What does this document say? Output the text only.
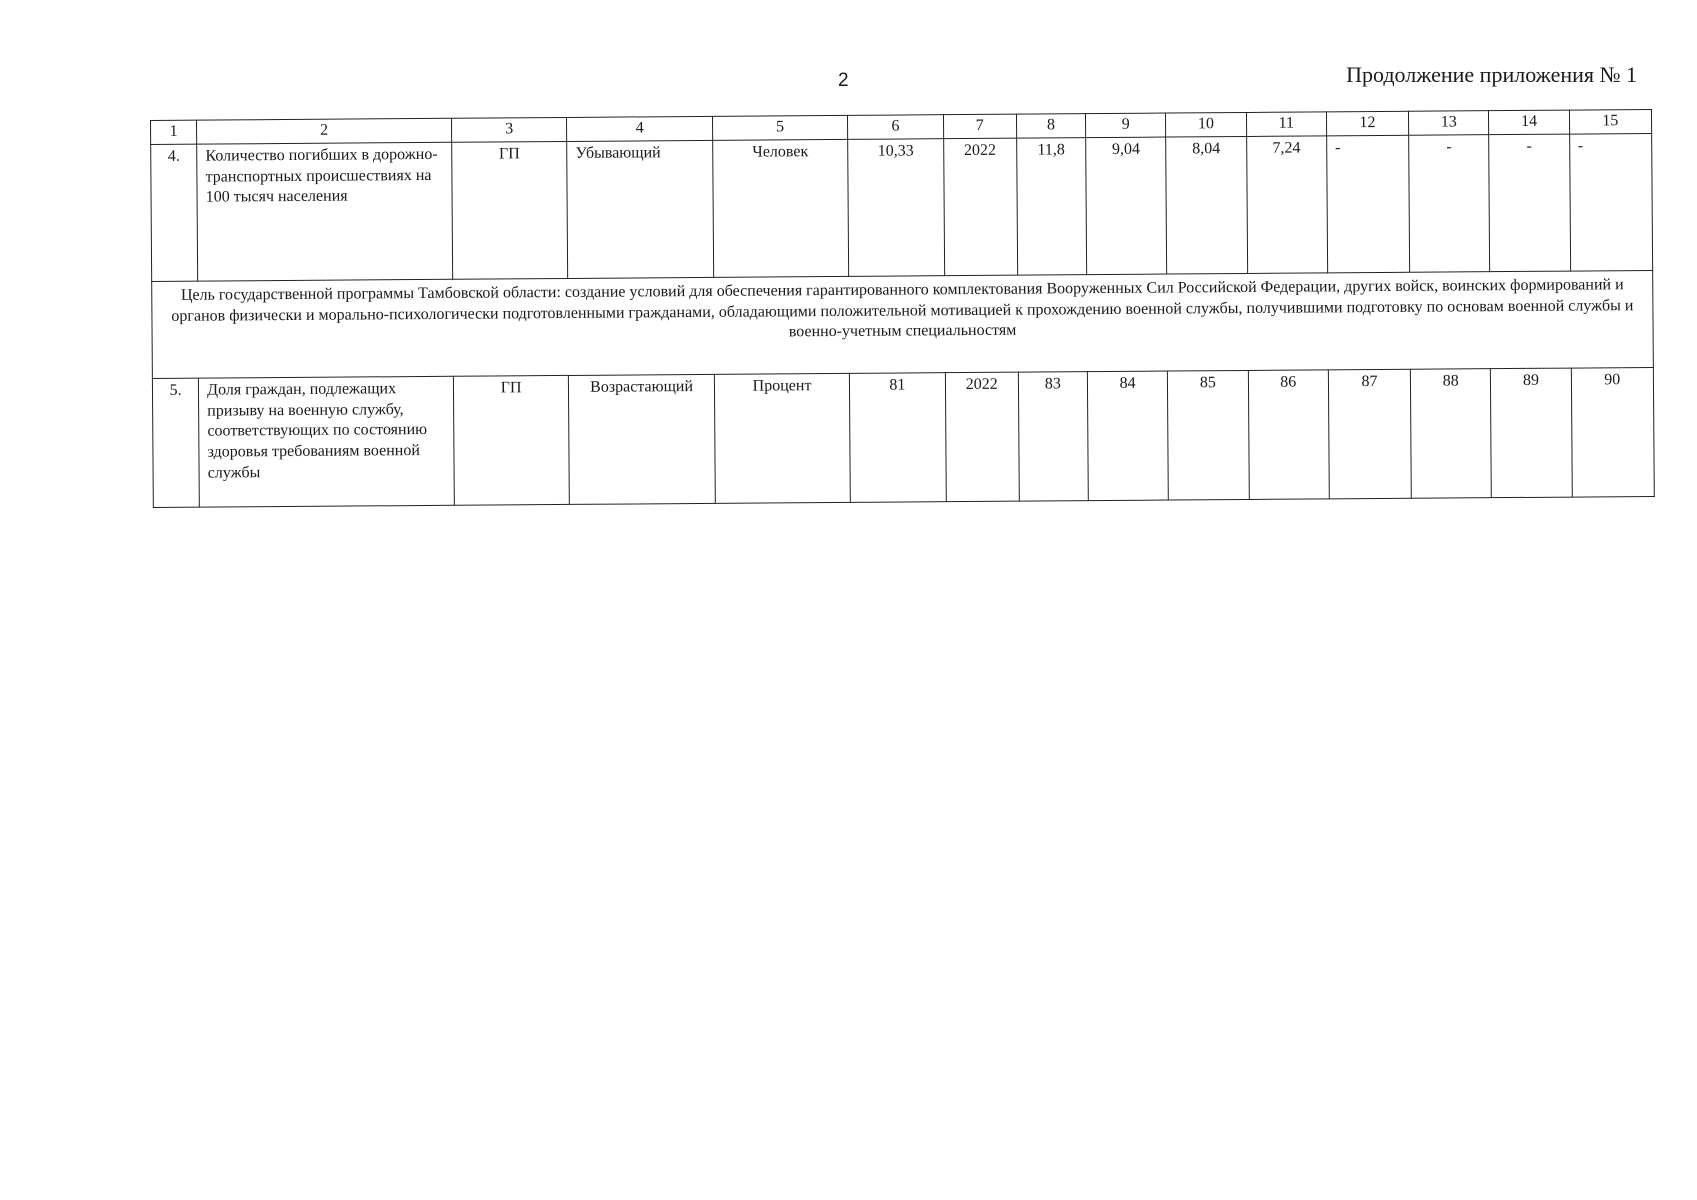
2	Продолжение приложения № 1
1	2	3	4	5	6	7	8	9	10	11	12	13	14	15
4.	Количество погибших в дорожно-транспортных происшествиях на 100 тысяч населения	ГП	Убывающий	Человек	10,33	2022	11,8	9,04	8,04	7,24	-	-	-	-
Цель государственной программы Тамбовской области: создание условий для обеспечения гарантированного комплектования Вооруженных Сил Российской Федерации, других войск, воинских формирований и органов физически и морально-психологически подготовленными гражданами, обладающими положительной мотивацией к прохождению военной службы, получившими подготовку по основам военной службы и военно-учетным специальностям														
5.	Доля граждан, подлежащих призыву на военную службу, соответствующих по состоянию здоровья требованиям военной службы	ГП	Возрастающий	Процент	81	2022	83	84	85	86	87	88	89	90
